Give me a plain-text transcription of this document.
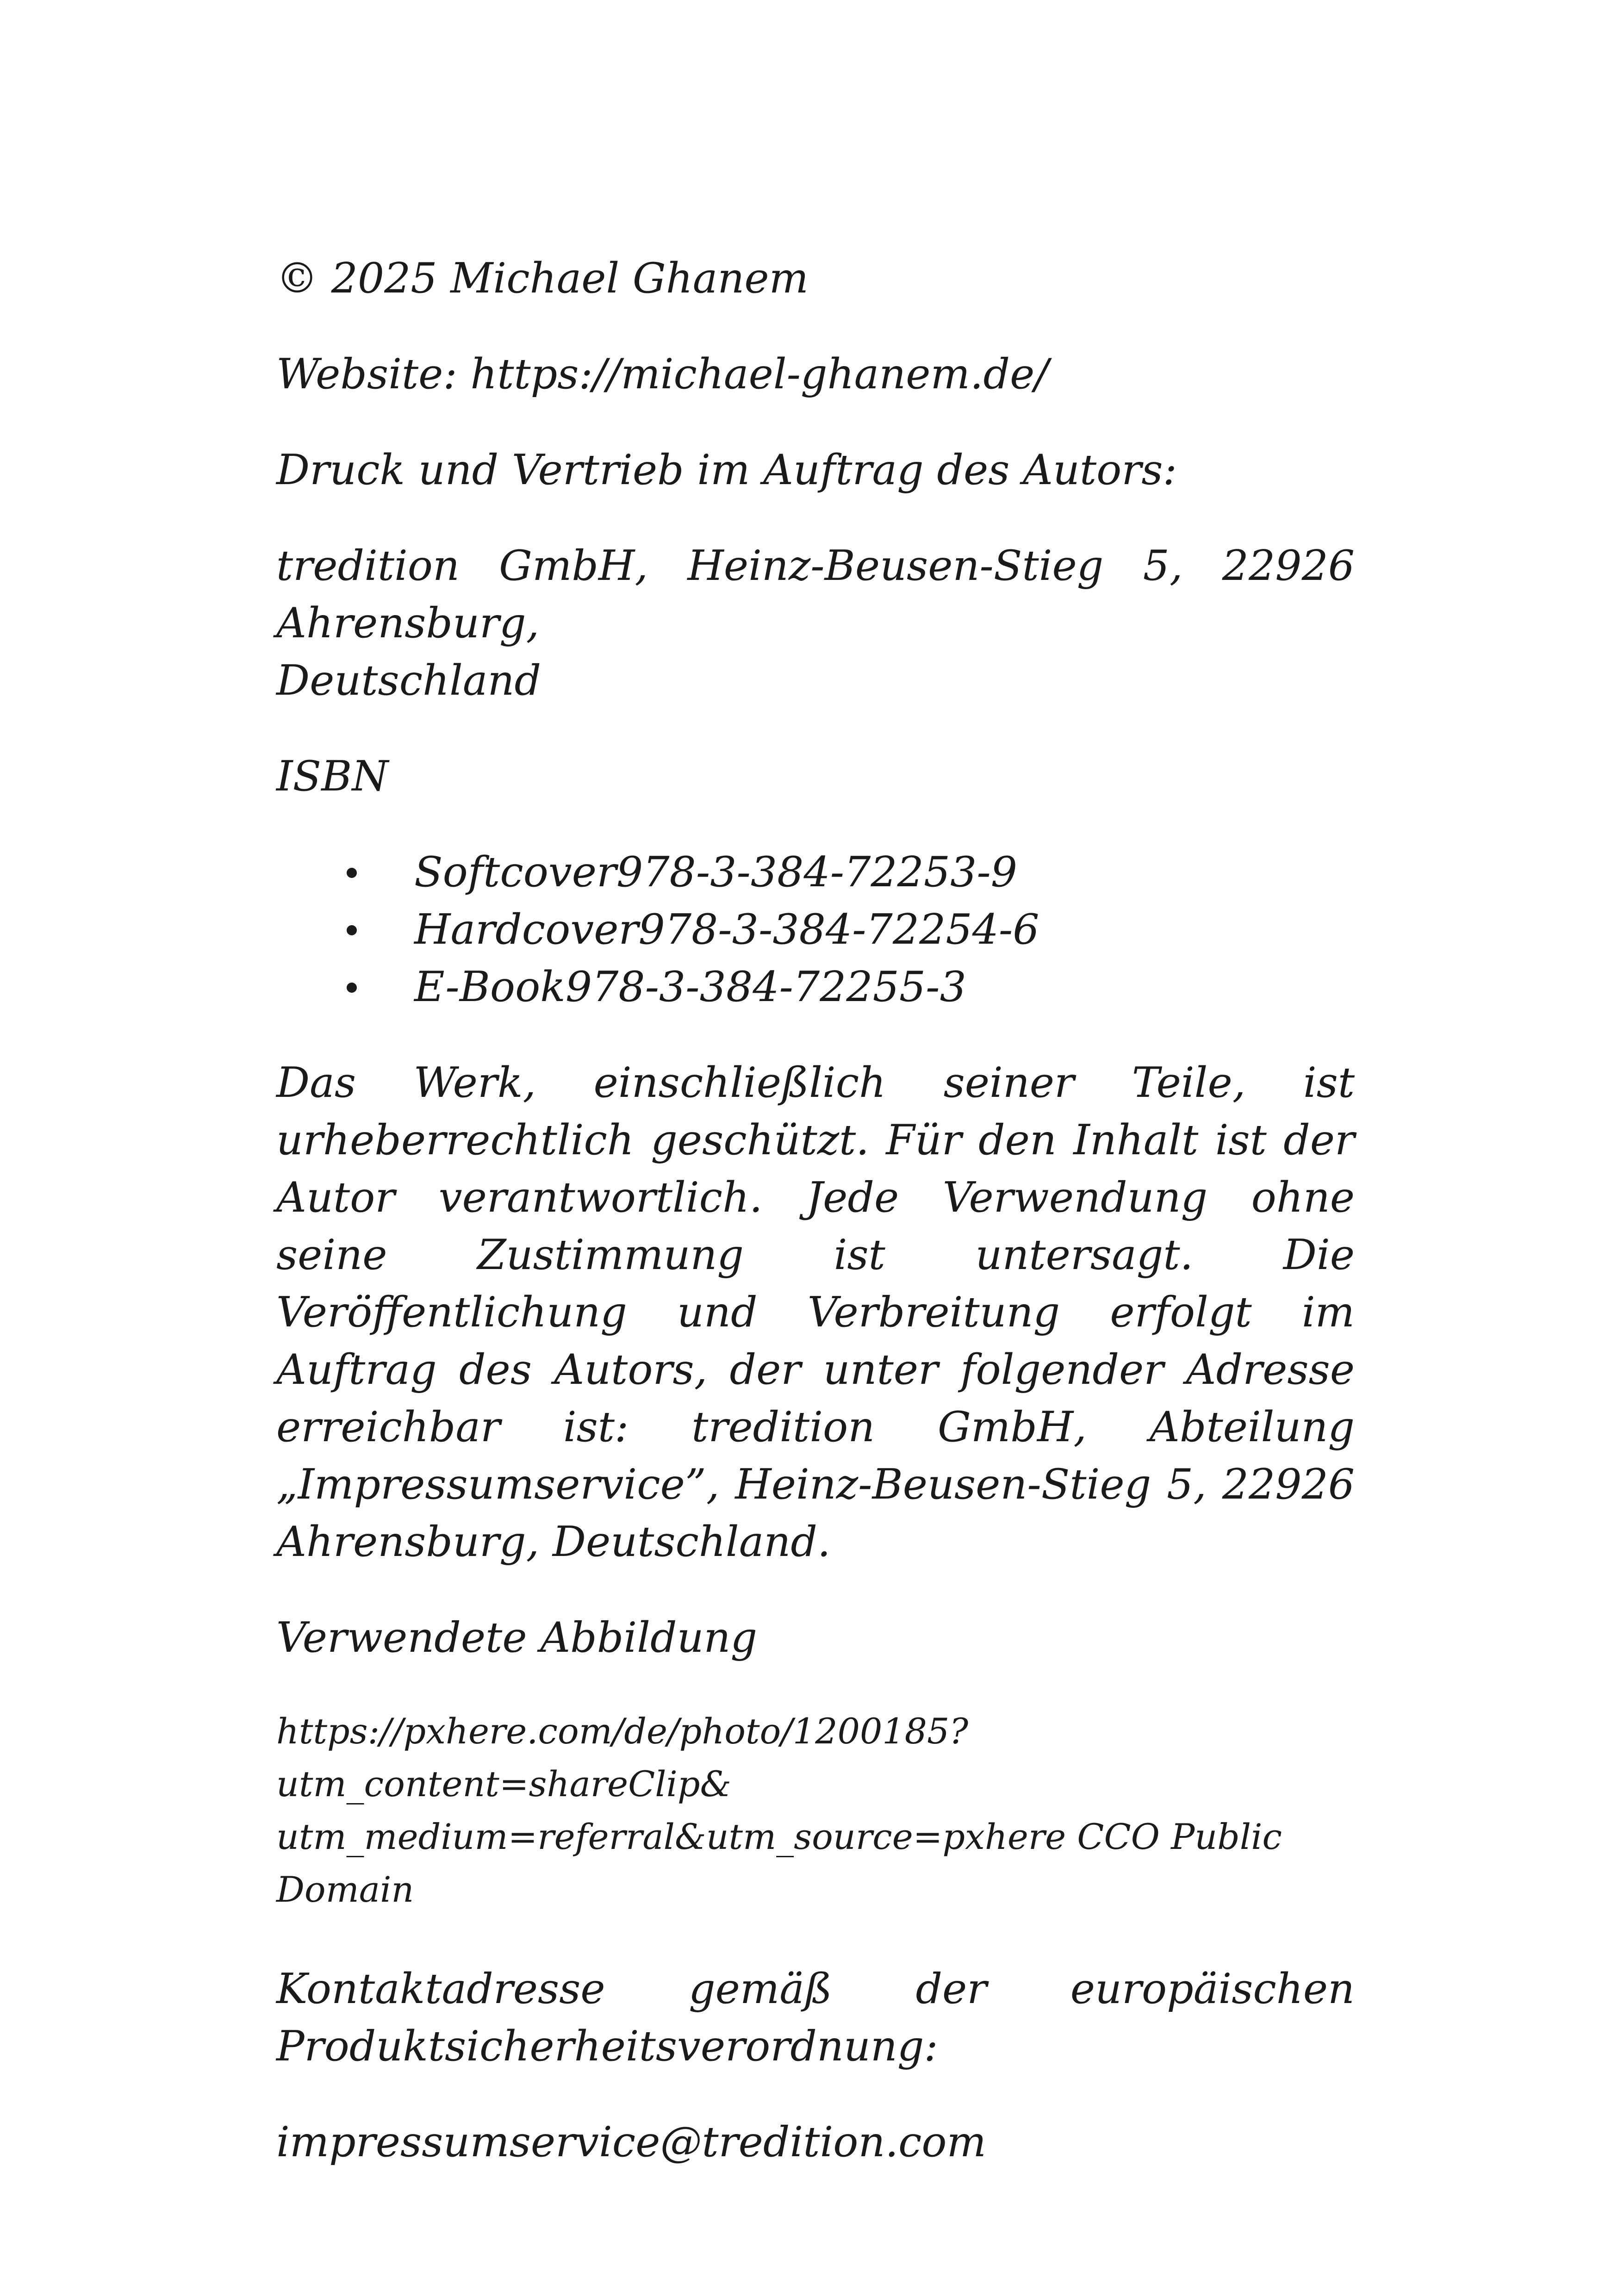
© 2025 Michael Ghanem

Website: https://michael-ghanem.de/

Druck und Vertrieb im Auftrag des Autors:

tredition GmbH, Heinz-Beusen-Stieg 5, 22926 Ahrensburg,
Deutschland

ISBN

Softcover978-3-384-72253-9
Hardcover978-3-384-72254-6
E-Book978-3-384-72255-3

Das Werk, einschließlich seiner Teile, ist urheberrechtlich geschützt. Für den Inhalt ist der Autor verantwortlich. Jede Verwendung ohne seine Zustimmung ist untersagt. Die Veröffentlichung und Verbreitung erfolgt im Auftrag des Autors, der unter folgender Adresse erreichbar ist: tredition GmbH, Abteilung „Impressumservice”, Heinz-Beusen-Stieg 5, 22926 Ahrensburg, Deutschland.

Verwendete Abbildung

https://pxhere.com/de/photo/1200185?utm_content=shareClip&
utm_medium=referral&utm_source=pxhere CCO Public Domain
Kontaktadresse gemäß der europäischen
Produktsicherheitsverordnung:

impressumservice@tredition.com
